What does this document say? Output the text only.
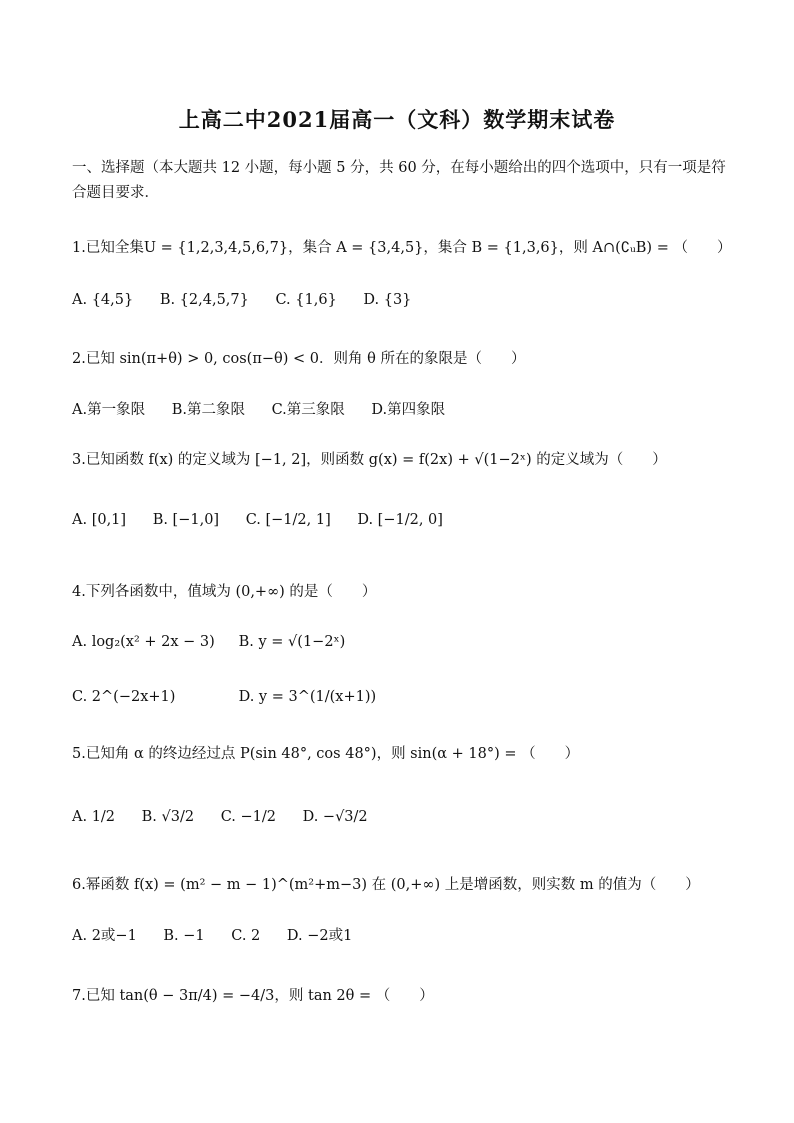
上高二中2021届高一（文科）数学期末试卷
一、选择题（本大题共 12 小题，每小题 5 分，共 60 分，在每小题给出的四个选项中，只有一项是符合题目要求．
1.已知全集U = {1,2,3,4,5,6,7}，集合 A = {3,4,5}，集合 B = {1,3,6}，则 A∩(∁ᵤB) = （　　）
A. {4,5} B. {2,4,5,7} C. {1,6} D. {3}
2.已知 sin(π+θ) > 0, cos(π−θ) < 0．则角 θ 所在的象限是（　　）
A.第一象限 B.第二象限 C.第三象限 D.第四象限
3.已知函数 f(x) 的定义域为 [−1, 2]，则函数 g(x) = f(2x) + √(1−2ˣ) 的定义域为（　　）
A. [0,1] B. [−1,0] C. [−1/2, 1] D. [−1/2, 0]
4.下列各函数中，值域为 (0,+∞) 的是（　　）
A. log₂(x² + 2x − 3) B. y = √(1−2ˣ)
C. 2^(−2x+1)	D. y = 3^(1/(x+1))
5.已知角 α 的终边经过点 P(sin 48°, cos 48°)，则 sin(α + 18°) = （　　）
A. 1/2 B. √3/2 C. −1/2 D. −√3/2
6.幂函数 f(x) = (m² − m − 1)^(m²+m−3) 在 (0,+∞) 上是增函数，则实数 m 的值为（　　）
A. 2或−1 B. −1 C. 2 D. −2或1
7.已知 tan(θ − 3π/4) = −4/3，则 tan 2θ = （　　）
